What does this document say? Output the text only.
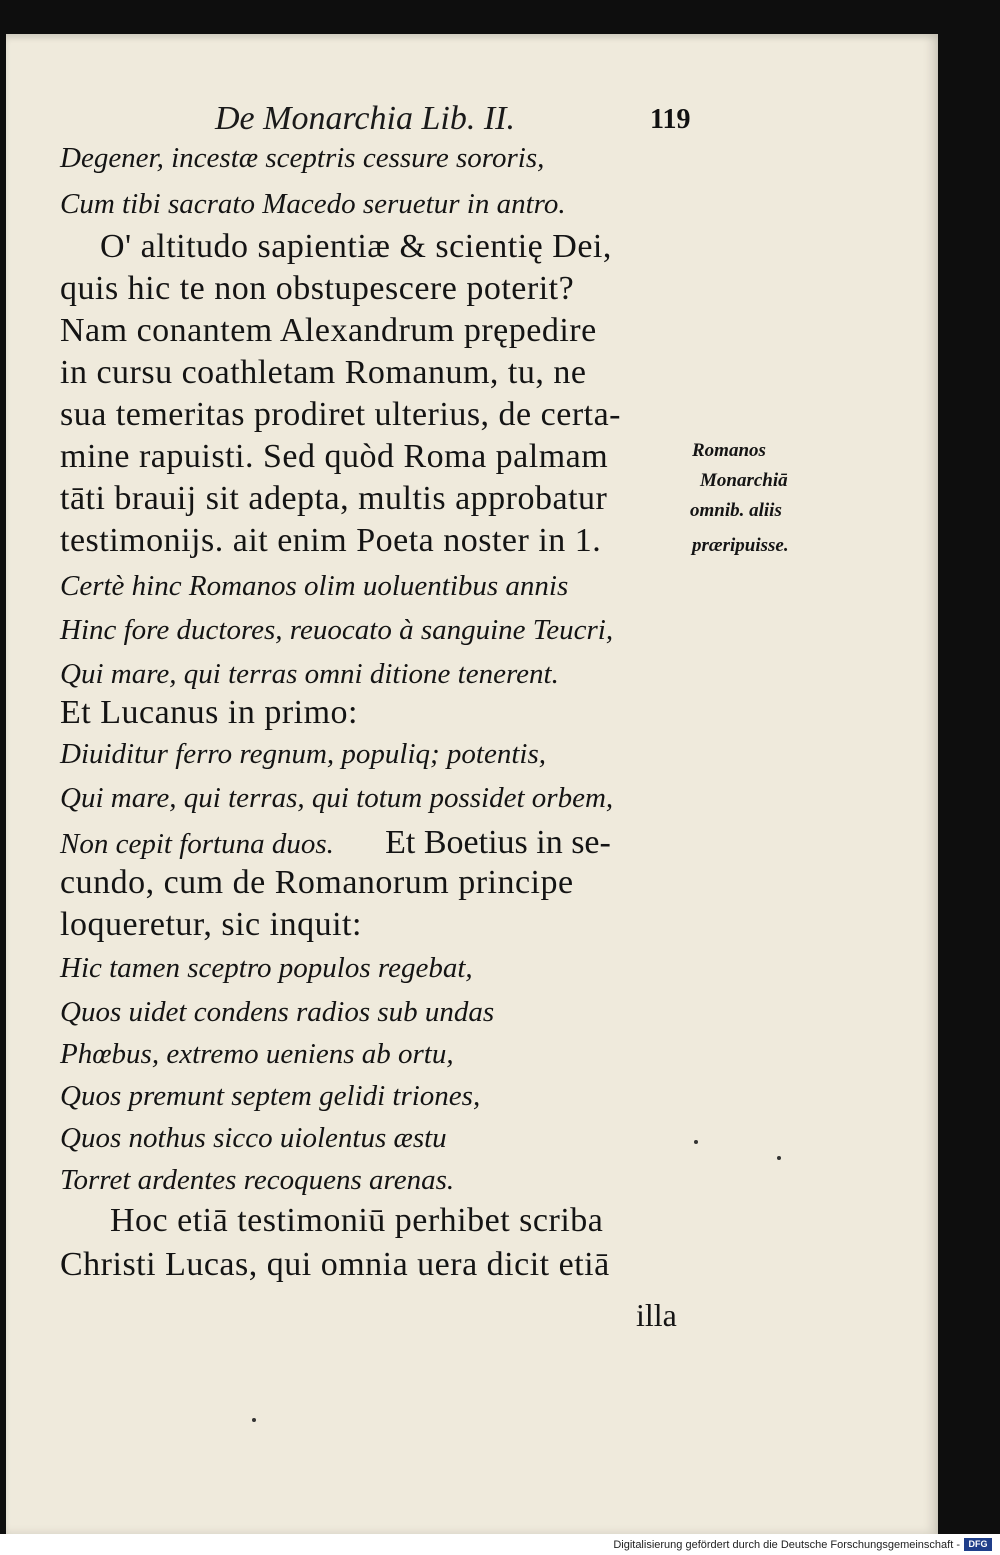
De Monarchia Lib. II.	119
Degener, incestæ sceptris cessure sororis,
Cum tibi sacrato Macedo seruetur in antro.
O' altitudo sapientiæ & scientię Dei,
quis hic te non obstupescere poterit?
Nam conantem Alexandrum prępedire
in cursu coathletam Romanum, tu, ne
sua temeritas prodiret ulterius, de certa-
mine rapuisti. Sed quòd Roma palmam
tāti brauij sit adepta, multis approbatur
testimonijs. ait enim Poeta noster in 1.
Certè hinc Romanos olim uoluentibus annis
Hinc fore ductores, reuocato à sanguine Teucri,
Qui mare, qui terras omni ditione tenerent.
Et Lucanus in primo:
Diuiditur ferro regnum, populiq; potentis,
Qui mare, qui terras, qui totum possidet orbem,
Non cepit fortuna duos. Et Boetius in se-
cundo, cum de Romanorum principe
loqueretur, sic inquit:
Hic tamen sceptro populos regebat,
Quos uidet condens radios sub undas
Phœbus, extremo ueniens ab ortu,
Quos premunt septem gelidi triones,
Quos nothus sicco uiolentus æstu
Torret ardentes recoquens arenas.
Hoc etiā testimoniū perhibet scriba
Christi Lucas, qui omnia uera dicit etiā
illa
Romanos
Monarchiā
omnib. aliis
præripuisse.
Digitalisierung gefördert durch die Deutsche Forschungsgemeinschaft - DFG
